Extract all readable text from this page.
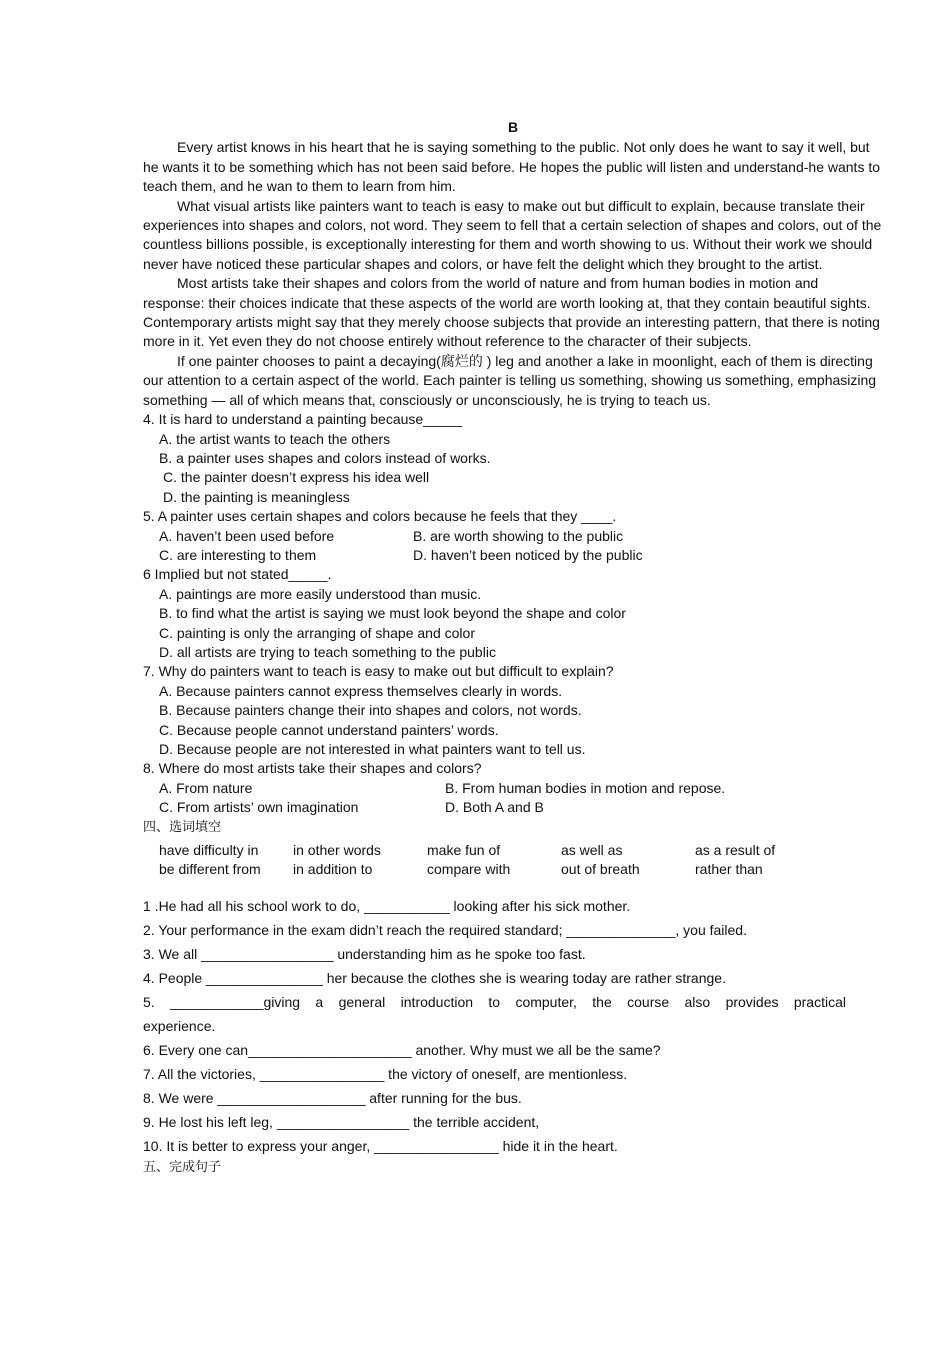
B

Every artist knows in his heart that he is saying something to the public. Not only does he want to say it well, but he wants it to be something which has not been said before. He hopes the public will listen and understand-he wants to teach them, and he wan to them to learn from him.

What visual artists like painters want to teach is easy to make out but difficult to explain, because translate their experiences into shapes and colors, not word. They seem to fell that a certain selection of shapes and colors, out of the countless billions possible, is exceptionally interesting for them and worth showing to us. Without their work we should never have noticed these particular shapes and colors, or have felt the delight which they brought to the artist.

Most artists take their shapes and colors from the world of nature and from human bodies in motion and response: their choices indicate that these aspects of the world are worth looking at, that they contain beautiful sights. Contemporary artists might say that they merely choose subjects that provide an interesting pattern, that there is noting more in it. Yet even they do not choose entirely without reference to the character of their subjects.

If one painter chooses to paint a decaying(腐烂的 ) leg and another a lake in moonlight, each of them is directing our attention to a certain aspect of the world. Each painter is telling us something, showing us something, emphasizing something — all of which means that, consciously or unconsciously, he is trying to teach us.

4. It is hard to understand a painting because_____

A. the artist wants to teach the others

B. a painter uses shapes and colors instead of works.

C. the painter doesn’t express his idea well

D. the painting is meaningless

5. A painter uses certain shapes and colors because he feels that they ____.

A. haven’t been used before	B. are worth showing to the public
C. are interesting to them	D. haven’t been noticed by the public

6 Implied but not stated_____.

A. paintings are more easily understood than music.

B. to find what the artist is saying we must look beyond the shape and color

C. painting is only the arranging of shape and color

D. all artists are trying to teach something to the public

7. Why do painters want to teach is easy to make out but difficult to explain?

A. Because painters cannot express themselves clearly in words.

B. Because painters change their into shapes and colors, not words.

C. Because people cannot understand painters’ words.

D. Because people are not interested in what painters want to tell us.

8. Where do most artists take their shapes and colors?

A. From nature	B. From human bodies in motion and repose.
C. From artists’ own imagination	D. Both A and B

四、选词填空

have difficulty in	in other words	make fun of	as well as	as a result of
be different from	in addition to	compare with	out of breath	rather than

1 .He had all his school work to do, ___________ looking after his sick mother.

2. Your performance in the exam didn’t reach the required standard; ______________, you failed.

3. We all _________________ understanding him as he spoke too fast.

4. People _______________ her because the clothes she is wearing today are rather strange.

5. ____________giving a general introduction to computer, the course also provides practical

experience.

6. Every one can_____________________ another. Why must we all be the same?

7. All the victories, ________________ the victory of oneself, are mentionless.

8. We were ___________________ after running for the bus.

9. He lost his left leg, _________________ the terrible accident,

10. It is better to express your anger, ________________ hide it in the heart.

五、完成句子
